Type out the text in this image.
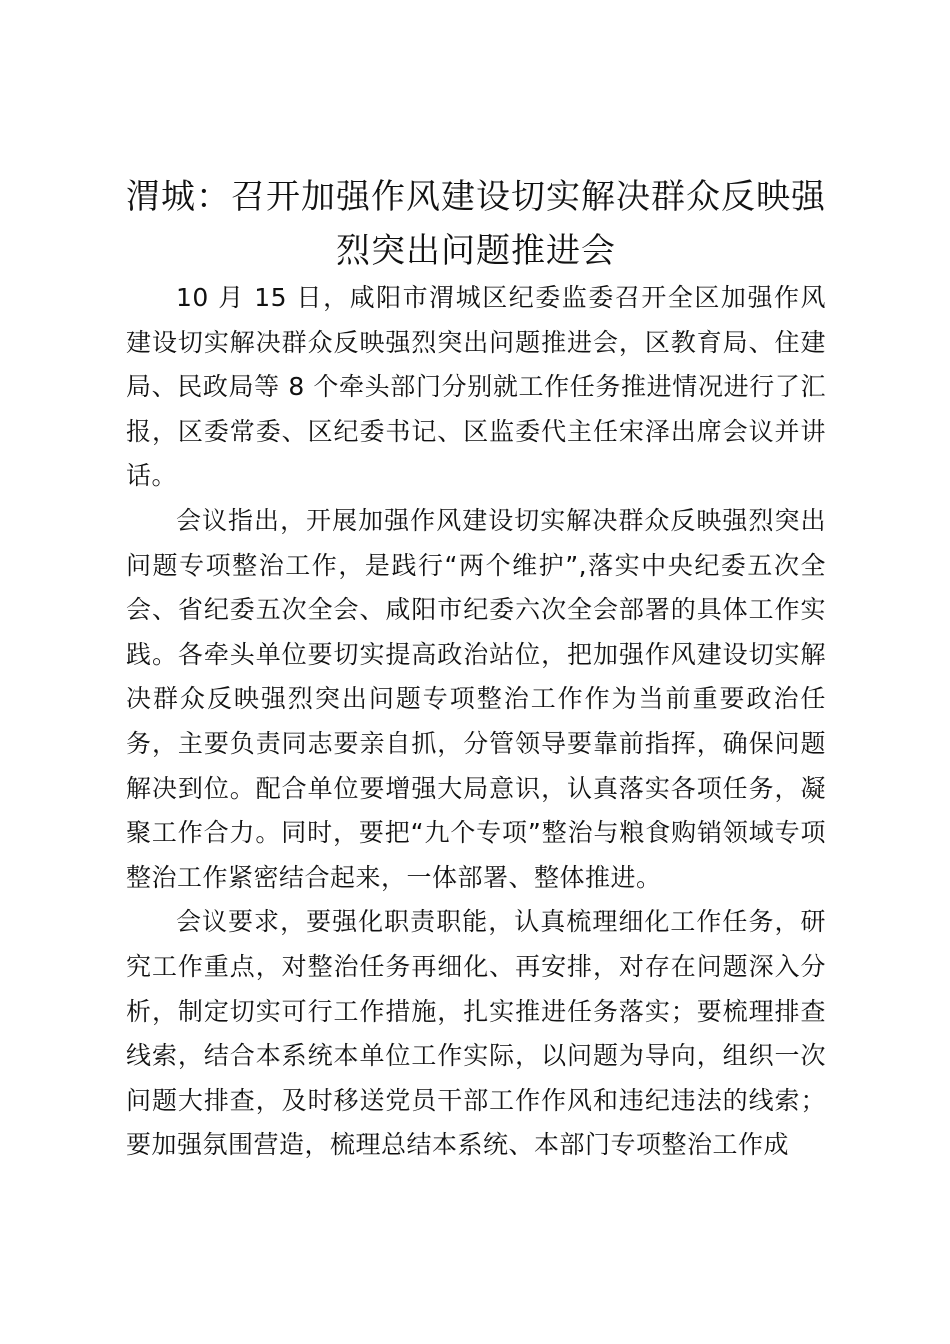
渭城：召开加强作风建设切实解决群众反映强烈突出问题推进会

10 月 15 日，咸阳市渭城区纪委监委召开全区加强作风建设切实解决群众反映强烈突出问题推进会，区教育局、住建局、民政局等 8 个牵头部门分别就工作任务推进情况进行了汇报，区委常委、区纪委书记、区监委代主任宋泽出席会议并讲话。

会议指出，开展加强作风建设切实解决群众反映强烈突出问题专项整治工作，是践行“两个维护”,落实中央纪委五次全会、省纪委五次全会、咸阳市纪委六次全会部署的具体工作实践。各牵头单位要切实提高政治站位，把加强作风建设切实解决群众反映强烈突出问题专项整治工作作为当前重要政治任务，主要负责同志要亲自抓，分管领导要靠前指挥，确保问题解决到位。配合单位要增强大局意识，认真落实各项任务，凝聚工作合力。同时，要把“九个专项”整治与粮食购销领域专项整治工作紧密结合起来，一体部署、整体推进。

会议要求，要强化职责职能，认真梳理细化工作任务，研究工作重点，对整治任务再细化、再安排，对存在问题深入分析，制定切实可行工作措施，扎实推进任务落实；要梳理排查线索，结合本系统本单位工作实际，以问题为导向，组织一次问题大排查，及时移送党员干部工作作风和违纪违法的线索；要加强氛围营造，梳理总结本系统、本部门专项整治工作成
